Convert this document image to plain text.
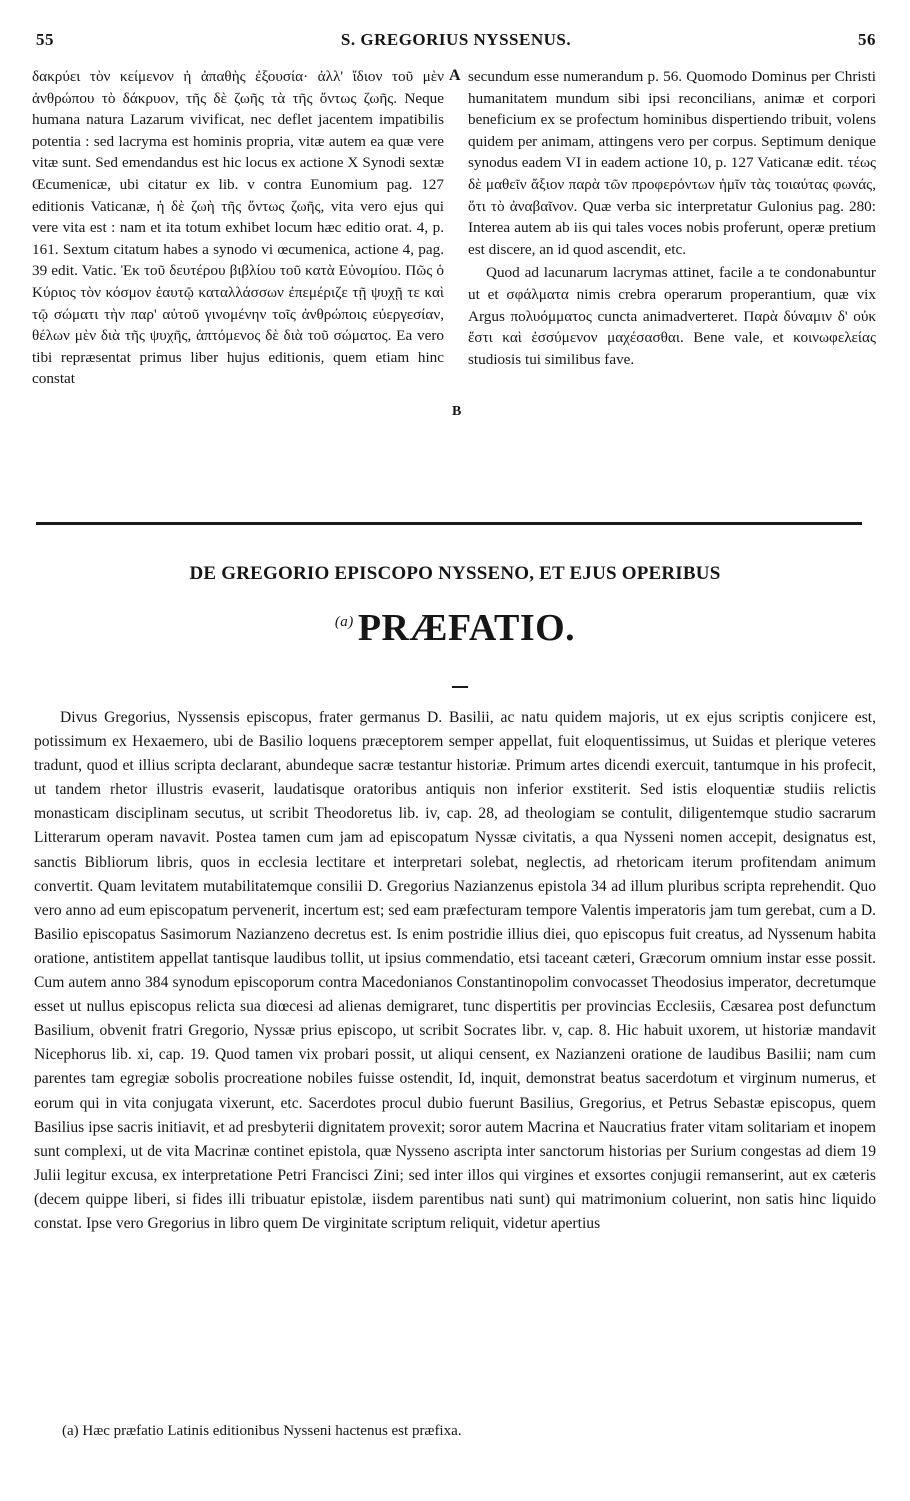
55	S. GREGORIUS NYSSENUS.	56

δακρύει τὸν κείμενον ἡ ἀπαθὴς ἐξουσία· ἀλλ' ἴδιον τοῦ μὲν ἀνθρώπου τὸ δάκρυον, τῆς δὲ ζωῆς τὰ τῆς ὄντως ζωῆς. Neque humana natura Lazarum vivificat, nec deflet jacentem impatibilis potentia : sed lacryma est hominis propria, vitæ autem ea quæ vere vitæ sunt. Sed emendandus est hic locus ex actione X Synodi sextæ Œcumenicæ, ubi citatur ex lib. v contra Eunomium pag. 127 editionis Vaticanæ, ἡ δὲ ζωὴ τῆς ὄντως ζωῆς, vita vero ejus qui vere vita est : nam et ita totum exhibet locum hæc editio orat. 4, p. 161. Sextum citatum habes a synodo vi œcumenica, actione 4, pag. 39 edit. Vatic. Ἐκ τοῦ δευτέρου βιβλίου τοῦ κατὰ Εὐνομίου. Πῶς ὁ Κύριος τὸν κόσμον ἑαυτῷ καταλλάσσων ἐπεμέριζε τῇ ψυχῇ τε καὶ τῷ σώματι τὴν παρ' αὐτοῦ γινομένην τοῖς ἀνθρώποις εὐεργεσίαν, θέλων μὲν διὰ τῆς ψυχῆς, ἁπτόμενος δὲ διὰ τοῦ σώματος. Ea vero tibi repræsentat primus liber hujus editionis, quem etiam hinc constat

A
B

secundum esse numerandum p. 56. Quomodo Dominus per Christi humanitatem mundum sibi ipsi reconcilians, animæ et corpori beneficium ex se profectum hominibus dispertiendo tribuit, volens quidem per animam, attingens vero per corpus. Septimum denique synodus eadem VI in eadem actione 10, p. 127 Vaticanæ edit. τέως δὲ μαθεῖν ἄξιον παρὰ τῶν προφερόντων ἡμῖν τὰς τοιαύτας φωνάς, ὅτι τὸ ἀναβαῖνον. Quæ verba sic interpretatur Gulonius pag. 280: Interea autem ab iis qui tales voces nobis proferunt, operæ pretium est discere, an id quod ascendit, etc.

Quod ad lacunarum lacrymas attinet, facile a te condonabuntur ut et σφάλματα nimis crebra operarum properantium, quæ vix Argus πολυόμματος cuncta animadverteret. Παρὰ δύναμιν δ' οὐκ ἔστι καὶ ἐσσύμενον μαχέσασθαι. Bene vale, et κοινωφελείας studiosis tui similibus fave.

DE GREGORIO EPISCOPO NYSSENO, ET EJUS OPERIBUS
$^{(a)}$ PRÆFATIO.

Divus Gregorius, Nyssensis episcopus, frater germanus D. Basilii, ac natu quidem majoris, ut ex ejus scriptis conjicere est, potissimum ex Hexaemero, ubi de Basilio loquens præceptorem semper appellat, fuit eloquentissimus, ut Suidas et plerique veteres tradunt, quod et illius scripta declarant, abundeque sacræ testantur historiæ. Primum artes dicendi exercuit, tantumque in his profecit, ut tandem rhetor illustris evaserit, laudatisque oratoribus antiquis non inferior exstiterit. Sed istis eloquentiæ studiis relictis monasticam disciplinam secutus, ut scribit Theodoretus lib. iv, cap. 28, ad theologiam se contulit, diligentemque studio sacrarum Litterarum operam navavit. Postea tamen cum jam ad episcopatum Nyssæ civitatis, a qua Nysseni nomen accepit, designatus est, sanctis Bibliorum libris, quos in ecclesia lectitare et interpretari solebat, neglectis, ad rhetoricam iterum profitendam animum convertit. Quam levitatem mutabilitatemque consilii D. Gregorius Nazianzenus epistola 34 ad illum pluribus scripta reprehendit. Quo vero anno ad eum episcopatum pervenerit, incertum est; sed eam præfecturam tempore Valentis imperatoris jam tum gerebat, cum a D. Basilio episcopatus Sasimorum Nazianzeno decretus est. Is enim postridie illius diei, quo episcopus fuit creatus, ad Nyssenum habita oratione, antistitem appellat tantisque laudibus tollit, ut ipsius commendatio, etsi taceant cæteri, Græcorum omnium instar esse possit. Cum autem anno 384 synodum episcoporum contra Macedonianos Constantinopolim convocasset Theodosius imperator, decretumque esset ut nullus episcopus relicta sua diœcesi ad alienas demigraret, tunc dispertitis per provincias Ecclesiis, Cæsarea post defunctum Basilium, obvenit fratri Gregorio, Nyssæ prius episcopo, ut scribit Socrates libr. v, cap. 8. Hic habuit uxorem, ut historiæ mandavit Nicephorus lib. xi, cap. 19. Quod tamen vix probari possit, ut aliqui censent, ex Nazianzeni oratione de laudibus Basilii; nam cum parentes tam egregiæ sobolis procreatione nobiles fuisse ostendit, Id, inquit, demonstrat beatus sacerdotum et virginum numerus, et eorum qui in vita conjugata vixerunt, etc. Sacerdotes procul dubio fuerunt Basilius, Gregorius, et Petrus Sebastæ episcopus, quem Basilius ipse sacris initiavit, et ad presbyterii dignitatem provexit; soror autem Macrina et Naucratius frater vitam solitariam et inopem sunt complexi, ut de vita Macrinæ continet epistola, quæ Nysseno ascripta inter sanctorum historias per Surium congestas ad diem 19 Julii legitur excusa, ex interpretatione Petri Francisci Zini; sed inter illos qui virgines et exsortes conjugii remanserint, aut ex cæteris (decem quippe liberi, si fides illi tribuatur epistolæ, iisdem parentibus nati sunt) qui matrimonium coluerint, non satis hinc liquido constat. Ipse vero Gregorius in libro quem De virginitate scriptum reliquit, videtur apertius

(a) Hæc præfatio Latinis editionibus Nysseni hactenus est præfixa.
